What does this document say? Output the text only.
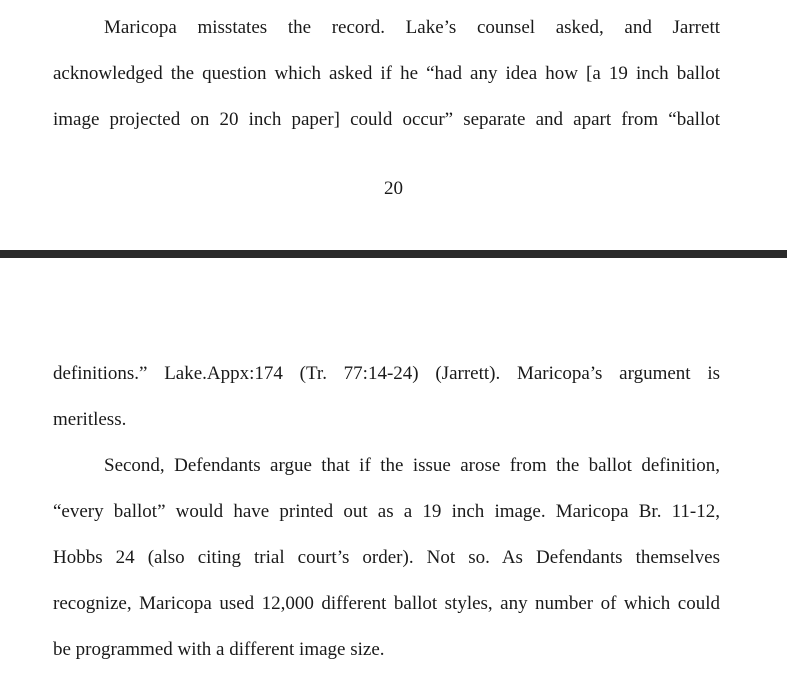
Maricopa misstates the record. Lake’s counsel asked, and Jarrett
acknowledged the question which asked if he “had any idea how [a 19 inch ballot
image projected on 20 inch paper] could occur” separate and apart from “ballot
20
definitions.” Lake.Appx:174 (Tr. 77:14-24) (Jarrett). Maricopa’s argument is
meritless.
Second, Defendants argue that if the issue arose from the ballot definition,
“every ballot” would have printed out as a 19 inch image. Maricopa Br. 11-12,
Hobbs 24 (also citing trial court’s order). Not so. As Defendants themselves
recognize, Maricopa used 12,000 different ballot styles, any number of which could
be programmed with a different image size.
